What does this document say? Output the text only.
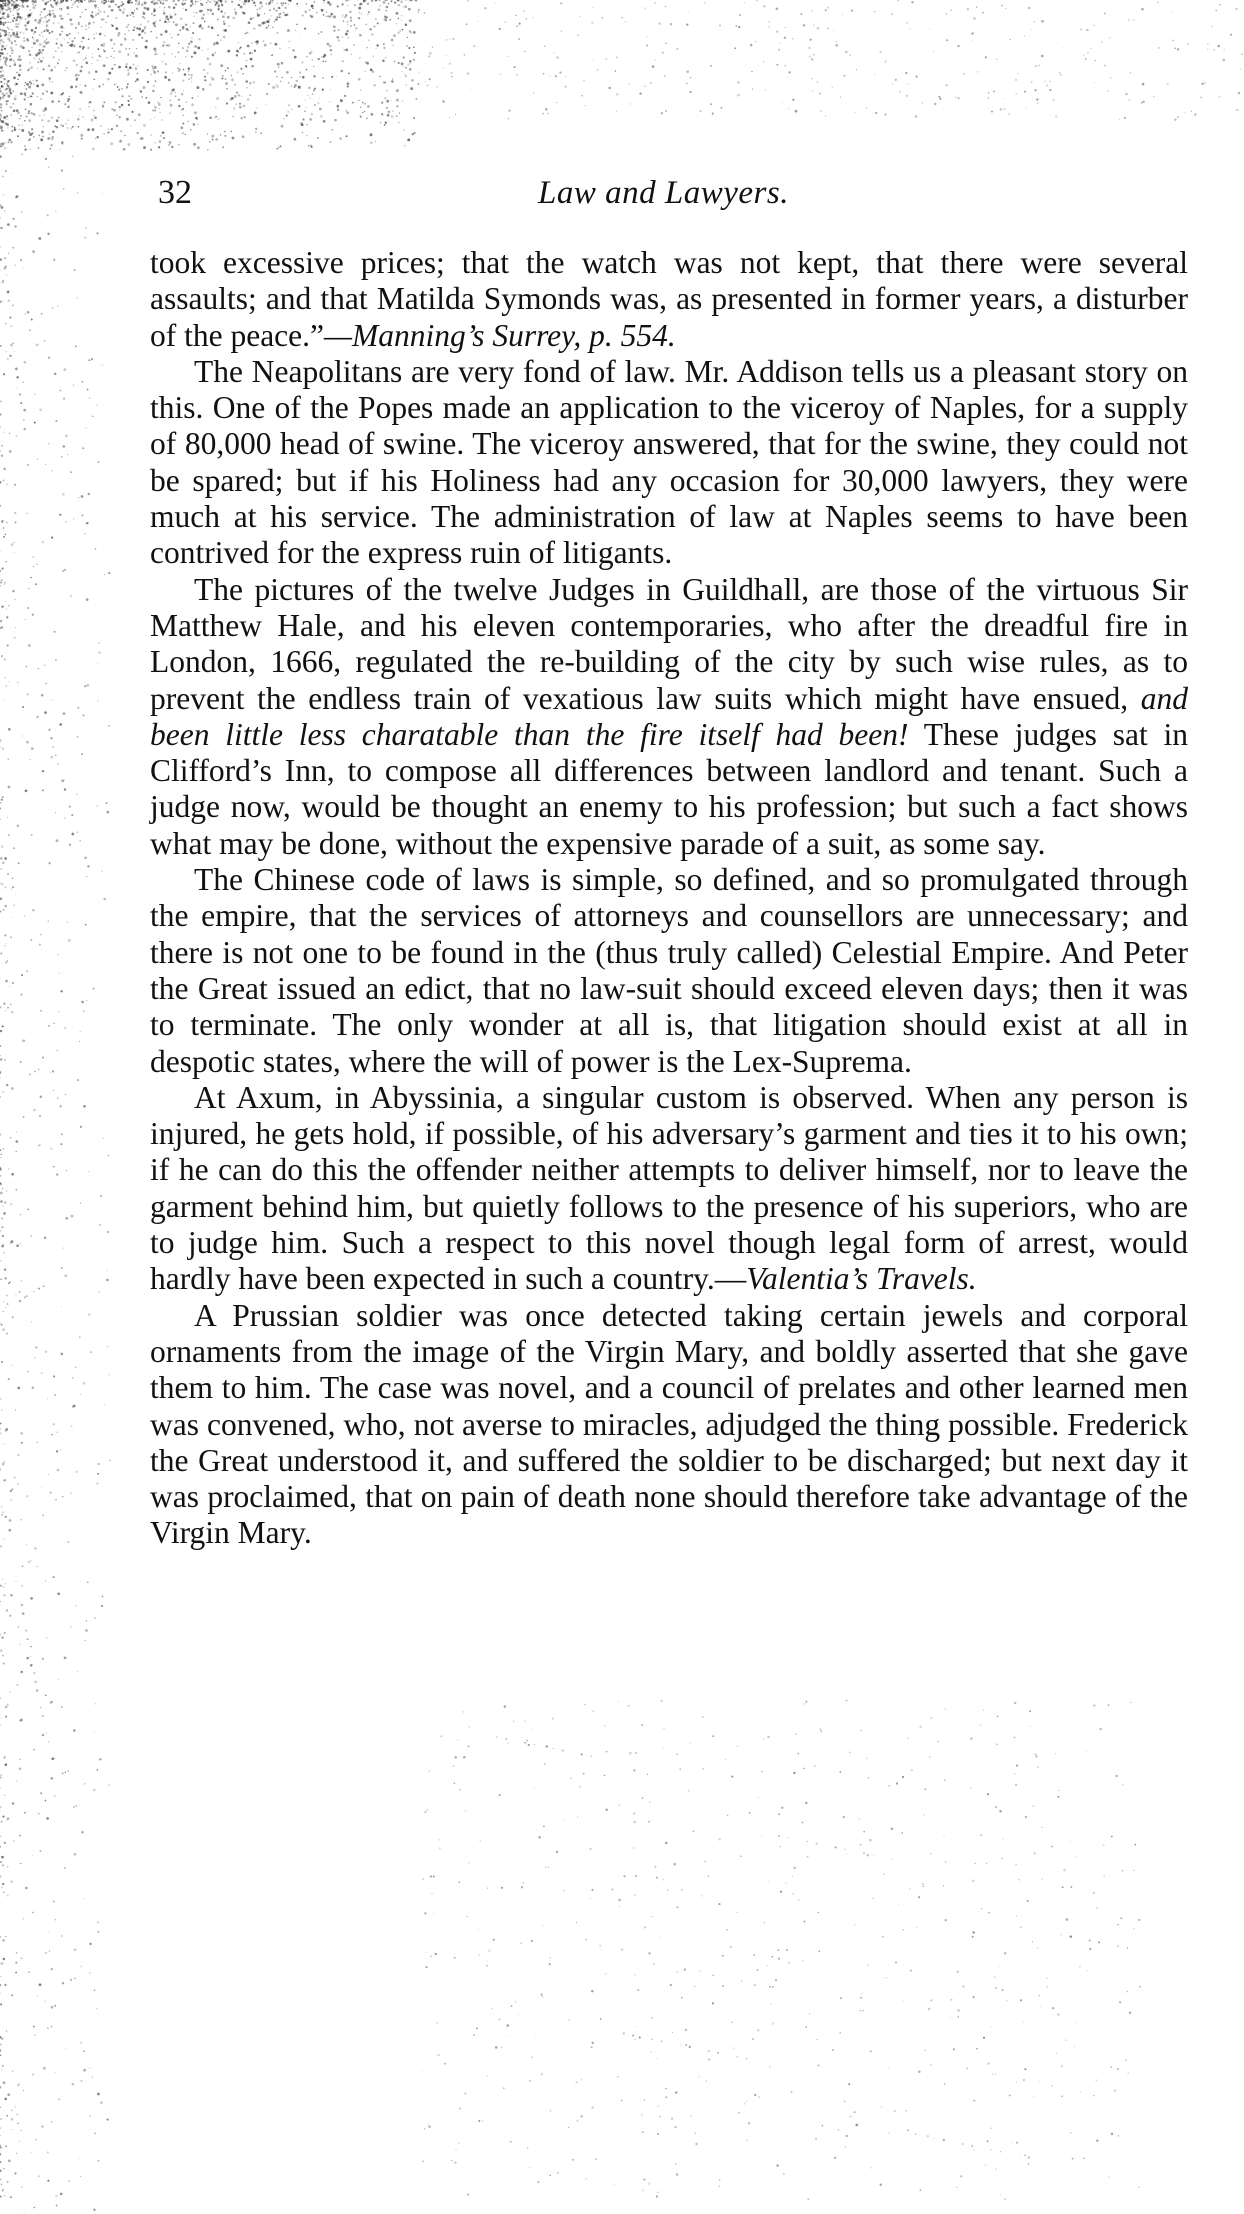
32	Law and Lawyers.

took excessive prices; that the watch was not kept, that there were several assaults; and that Matilda Symonds was, as presented in former years, a disturber of the peace.”—Manning’s Surrey, p. 554.

The Neapolitans are very fond of law. Mr. Addison tells us a pleasant story on this. One of the Popes made an application to the viceroy of Naples, for a supply of 80,000 head of swine. The viceroy answered, that for the swine, they could not be spared; but if his Holiness had any occasion for 30,000 lawyers, they were much at his service. The administration of law at Naples seems to have been contrived for the express ruin of litigants.

The pictures of the twelve Judges in Guildhall, are those of the virtuous Sir Matthew Hale, and his eleven contemporaries, who after the dreadful fire in London, 1666, regulated the re-building of the city by such wise rules, as to prevent the endless train of vexatious law suits which might have ensued, and been little less charatable than the fire itself had been! These judges sat in Clifford’s Inn, to compose all differences between landlord and tenant. Such a judge now, would be thought an enemy to his profession; but such a fact shows what may be done, without the expensive parade of a suit, as some say.

The Chinese code of laws is simple, so defined, and so promulgated through the empire, that the services of attorneys and counsellors are unnecessary; and there is not one to be found in the (thus truly called) Celestial Empire. And Peter the Great issued an edict, that no law-suit should exceed eleven days; then it was to terminate. The only wonder at all is, that litigation should exist at all in despotic states, where the will of power is the Lex-Suprema.

At Axum, in Abyssinia, a singular custom is observed. When any person is injured, he gets hold, if possible, of his adversary’s garment and ties it to his own; if he can do this the offender neither attempts to deliver himself, nor to leave the garment behind him, but quietly follows to the presence of his superiors, who are to judge him. Such a respect to this novel though legal form of arrest, would hardly have been expected in such a country.—Valentia’s Travels.

A Prussian soldier was once detected taking certain jewels and corporal ornaments from the image of the Virgin Mary, and boldly asserted that she gave them to him. The case was novel, and a council of prelates and other learned men was convened, who, not averse to miracles, adjudged the thing possible. Frederick the Great understood it, and suffered the soldier to be discharged; but next day it was proclaimed, that on pain of death none should therefore take advantage of the Virgin Mary.
